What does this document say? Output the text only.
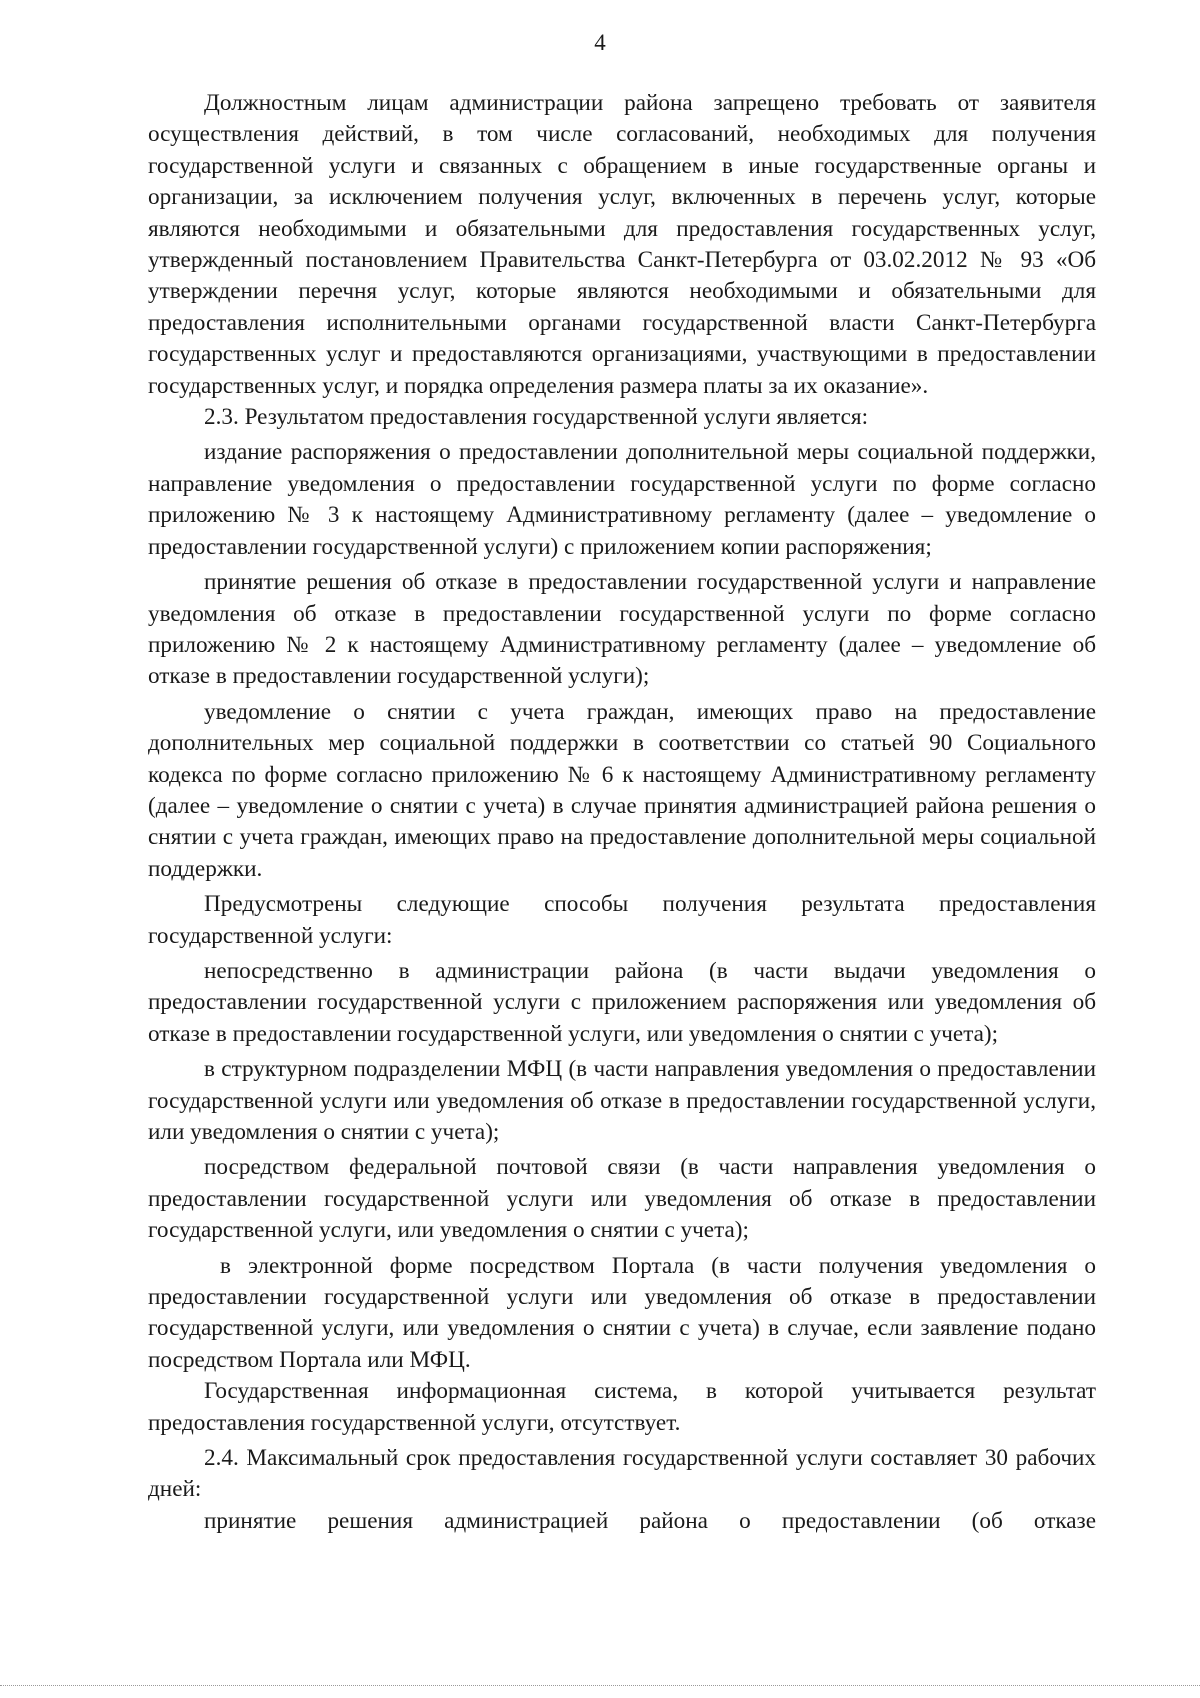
4

Должностным лицам администрации района запрещено требовать от заявителя осуществления действий, в том числе согласований, необходимых для получения государственной услуги и связанных с обращением в иные государственные органы и организации, за исключением получения услуг, включенных в перечень услуг, которые являются необходимыми и обязательными для предоставления государственных услуг, утвержденный постановлением Правительства Санкт-Петербурга от 03.02.2012 № 93 «Об утверждении перечня услуг, которые являются необходимыми и обязательными для предоставления исполнительными органами государственной власти Санкт-Петербурга государственных услуг и предоставляются организациями, участвующими в предоставлении государственных услуг, и порядка определения размера платы за их оказание».

2.3. Результатом предоставления государственной услуги является:

издание распоряжения о предоставлении дополнительной меры социальной поддержки, направление уведомления о предоставлении государственной услуги по форме согласно приложению № 3 к настоящему Административному регламенту (далее – уведомление о предоставлении государственной услуги) с приложением копии распоряжения;

принятие решения об отказе в предоставлении государственной услуги и направление уведомления об отказе в предоставлении государственной услуги по форме согласно приложению № 2 к настоящему Административному регламенту (далее – уведомление об отказе в предоставлении государственной услуги);

уведомление о снятии с учета граждан, имеющих право на предоставление дополнительных мер социальной поддержки в соответствии со статьей 90 Социального кодекса по форме согласно приложению № 6 к настоящему Административному регламенту (далее – уведомление о снятии с учета) в случае принятия администрацией района решения о снятии с учета граждан, имеющих право на предоставление дополнительной меры социальной поддержки.

Предусмотрены следующие способы получения результата предоставления государственной услуги:

непосредственно в администрации района (в части выдачи уведомления о предоставлении государственной услуги с приложением распоряжения или уведомления об отказе в предоставлении государственной услуги, или уведомления о снятии с учета);

в структурном подразделении МФЦ (в части направления уведомления о предоставлении государственной услуги или уведомления об отказе в предоставлении государственной услуги, или уведомления о снятии с учета);

посредством федеральной почтовой связи (в части направления уведомления о предоставлении государственной услуги или уведомления об отказе в предоставлении государственной услуги, или уведомления о снятии с учета);

в электронной форме посредством Портала (в части получения уведомления о предоставлении государственной услуги или уведомления об отказе в предоставлении государственной услуги, или уведомления о снятии с учета) в случае, если заявление подано посредством Портала или МФЦ.

Государственная информационная система, в которой учитывается результат предоставления государственной услуги, отсутствует.

2.4. Максимальный срок предоставления государственной услуги составляет 30 рабочих дней:

принятие решения администрацией района о предоставлении (об отказе
